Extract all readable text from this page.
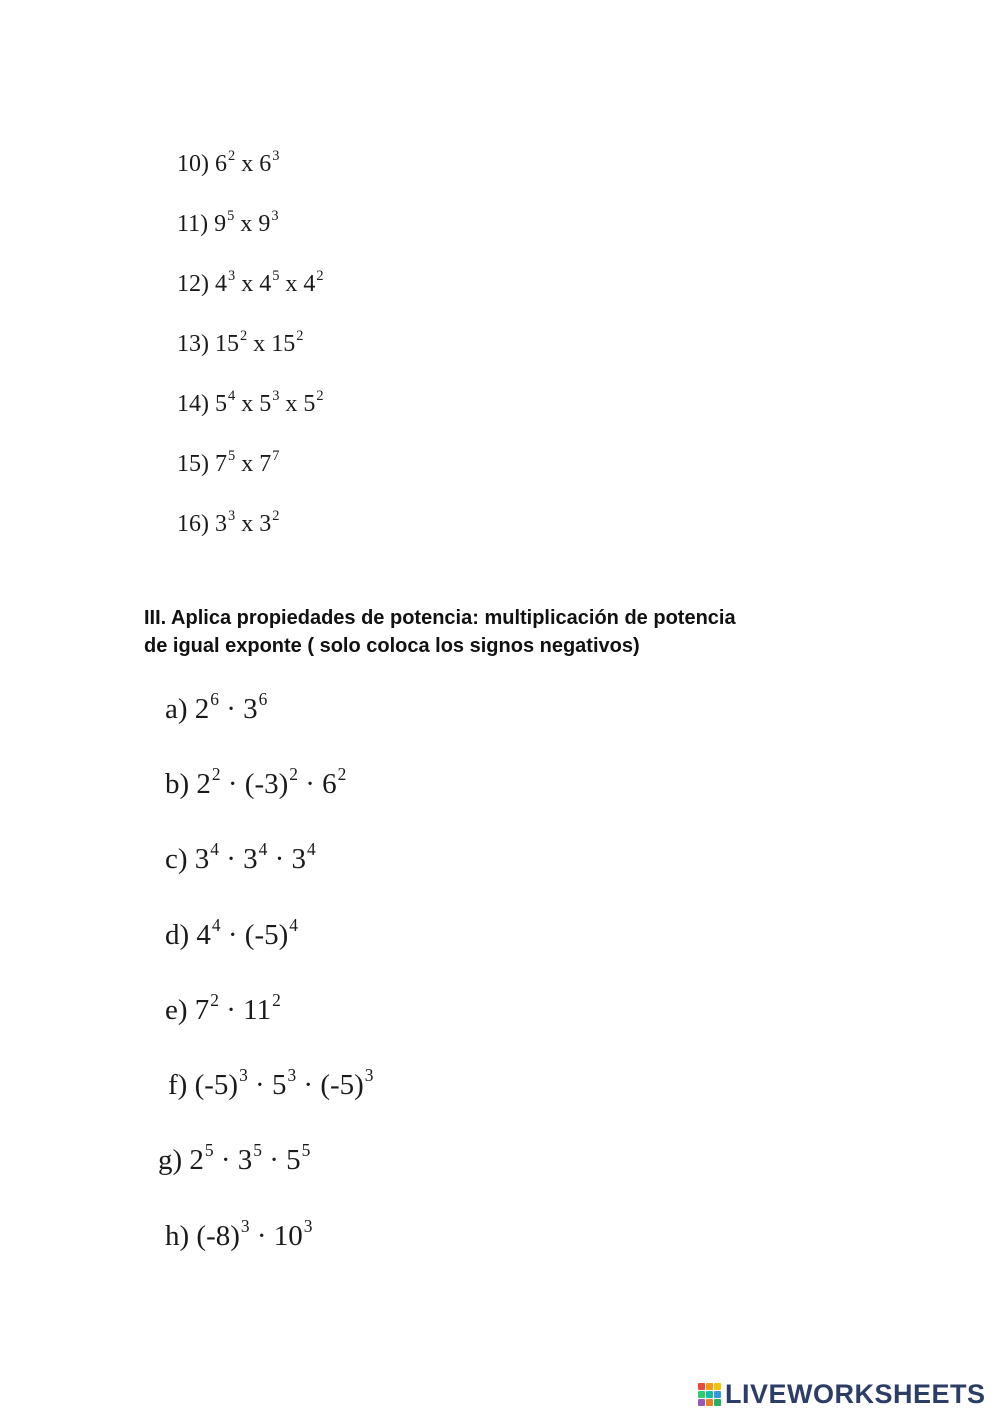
10) $6^2$ x $6^3$
11) $9^5$ x $9^3$
12) $4^3$ x $4^5$ x $4^2$
13) $15^2$ x $15^2$
14) $5^4$ x $5^3$ x $5^2$
15) $7^5$ x $7^7$
16) $3^3$ x $3^2$
III. Aplica propiedades de potencia: multiplicación de potencia
de igual exponte ( solo coloca los signos negativos)
a) $2^6 \cdot 3^6$
b) $2^2 \cdot (-3)^2 \cdot 6^2$
c) $3^4 \cdot 3^4 \cdot 3^4$
d) $4^4 \cdot (-5)^4$
e) $7^2 \cdot 11^2$
f) $(-5)^3 \cdot 5^3 \cdot (-5)^3$
g) $2^5 \cdot 3^5 \cdot 5^5$
h) $(-8)^3 \cdot 10^3$
LIVEWORKSHEETS
